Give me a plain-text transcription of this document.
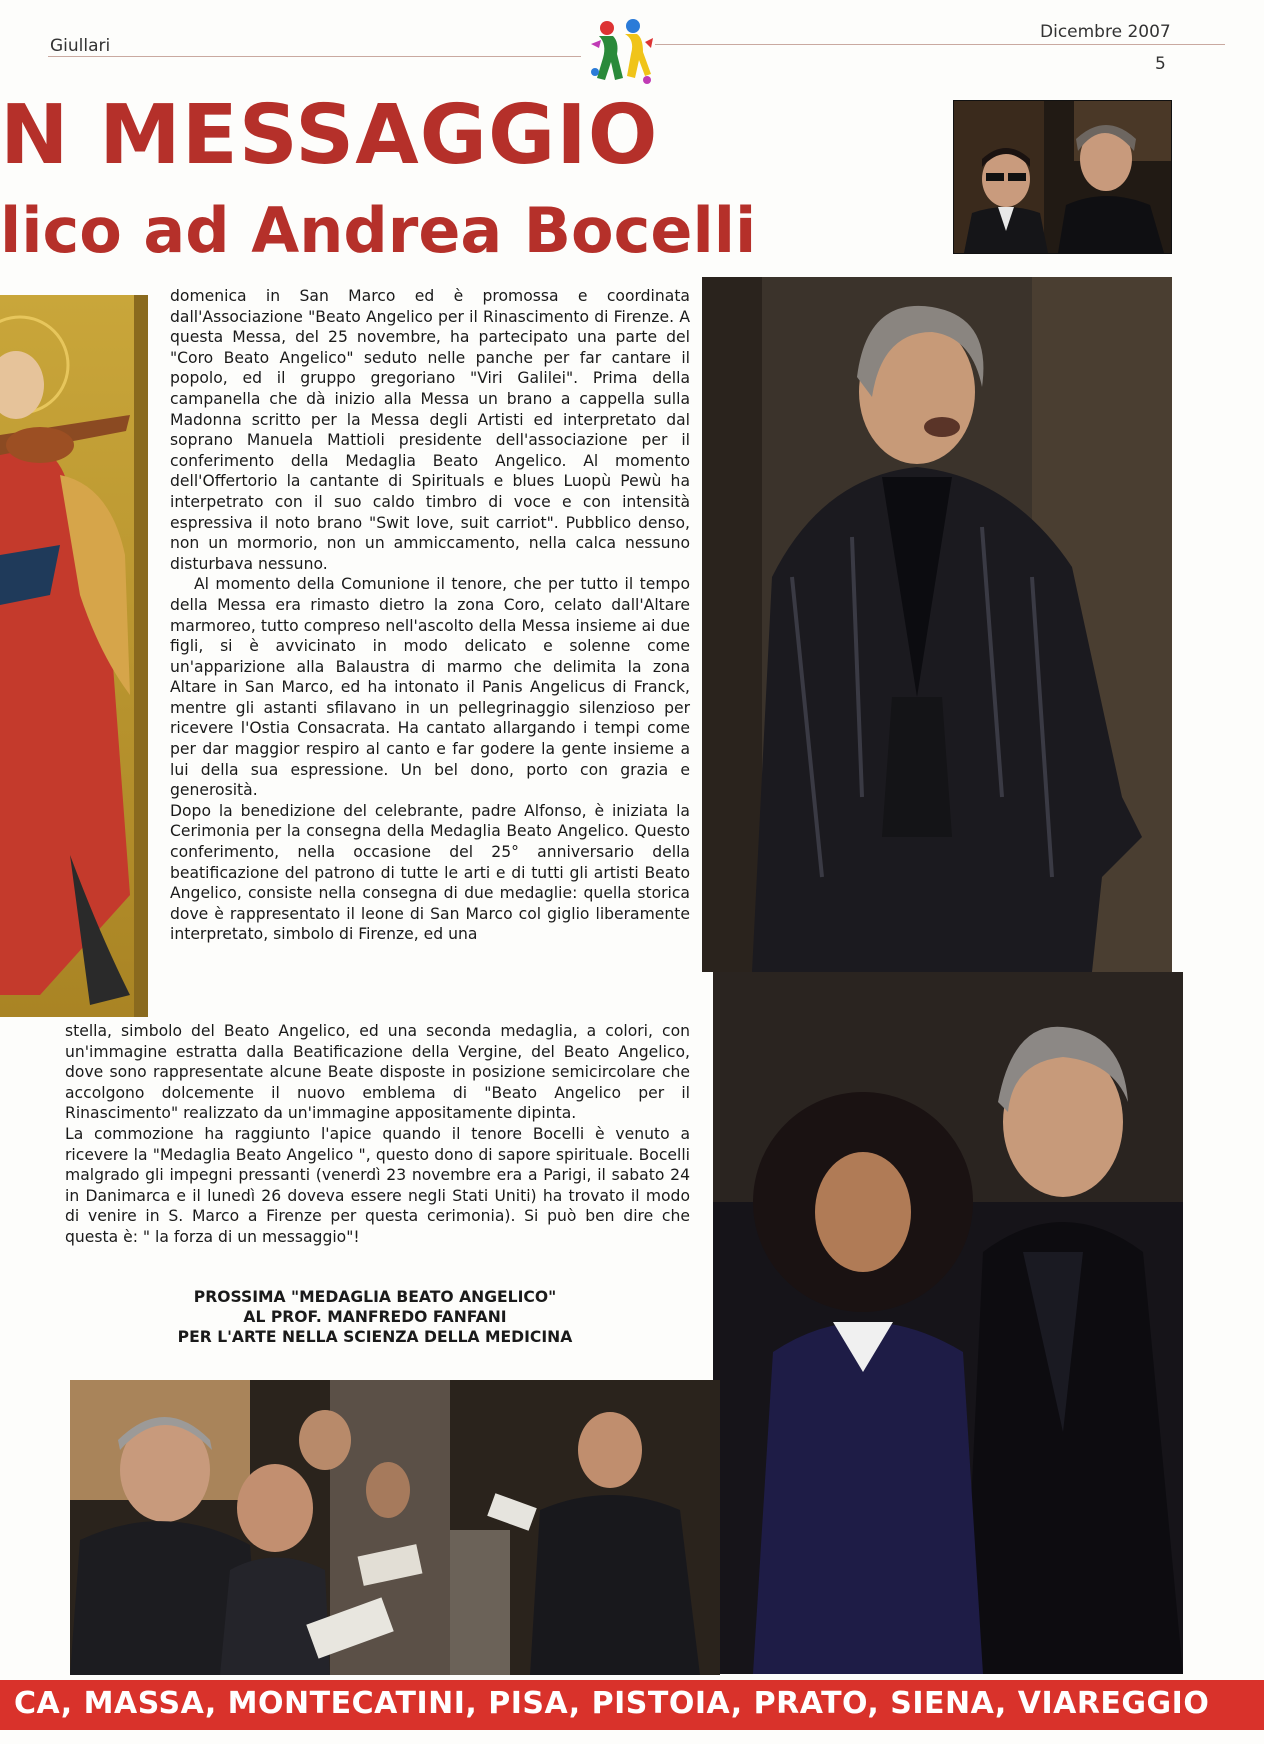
Giullari
Dicembre 2007
5
N MESSAGGIO
lico ad Andrea Bocelli

domenica in San Marco ed è promossa e coordinata dall'Associazione "Beato Angelico per il Rinascimento di Firenze. A questa Messa, del 25 novembre, ha partecipato una parte del "Coro Beato Angelico" seduto nelle panche per far cantare il popolo, ed il gruppo gregoriano "Viri Galilei". Prima della campanella che dà inizio alla Messa un brano a cappella sulla Madonna scritto per la Messa degli Artisti ed interpretato dal soprano Manuela Mattioli presidente dell'associazione per il conferimento della Medaglia Beato Angelico. Al momento dell'Offertorio la cantante di Spirituals e blues Luopù Pewù ha interpetrato con il suo caldo timbro di voce e con intensità espressiva il noto brano "Swit love, suit carriot". Pubblico denso, non un mormorio, non un ammiccamento, nella calca nessuno disturbava nessuno.

Al momento della Comunione il tenore, che per tutto il tempo della Messa era rimasto dietro la zona Coro, celato dall'Altare marmoreo, tutto compreso nell'ascolto della Messa insieme ai due figli, si è avvicinato in modo delicato e solenne come un'apparizione alla Balaustra di marmo che delimita la zona Altare in San Marco, ed ha intonato il Panis Angelicus di Franck, mentre gli astanti sfilavano in un pellegrinaggio silenzioso per ricevere l'Ostia Consacrata. Ha cantato allargando i tempi come per dar maggior respiro al canto e far godere la gente insieme a lui della sua espressione. Un bel dono, porto con grazia e generosità.

Dopo la benedizione del celebrante, padre Alfonso, è iniziata la Cerimonia per la consegna della Medaglia Beato Angelico. Questo conferimento, nella occasione del 25° anniversario della beatificazione del patrono di tutte le arti e di tutti gli artisti Beato Angelico, consiste nella consegna di due medaglie: quella storica dove è rappresentato il leone di San Marco col giglio liberamente interpretato, simbolo di Firenze, ed una

stella, simbolo del Beato Angelico, ed una seconda medaglia, a colori, con un'immagine estratta dalla Beatificazione della Vergine, del Beato Angelico, dove sono rappresentate alcune Beate disposte in posizione semicircolare che accolgono dolcemente il nuovo emblema di "Beato Angelico per il Rinascimento" realizzato da un'immagine appositamente dipinta.

La commozione ha raggiunto l'apice quando il tenore Bocelli è venuto a ricevere la "Medaglia Beato Angelico ", questo dono di sapore spirituale. Bocelli malgrado gli impegni pressanti (venerdì 23 novembre era a Parigi, il sabato 24 in Danimarca e il lunedì 26 doveva essere negli Stati Uniti) ha trovato il modo di venire in S. Marco a Firenze per questa cerimonia). Si può ben dire che questa è: " la forza di un messaggio"!

PROSSIMA "MEDAGLIA BEATO ANGELICO"
AL PROF. MANFREDO FANFANI
PER L'ARTE NELLA SCIENZA DELLA MEDICINA
CA, MASSA, MONTECATINI, PISA, PISTOIA, PRATO, SIENA, VIAREGGIO
